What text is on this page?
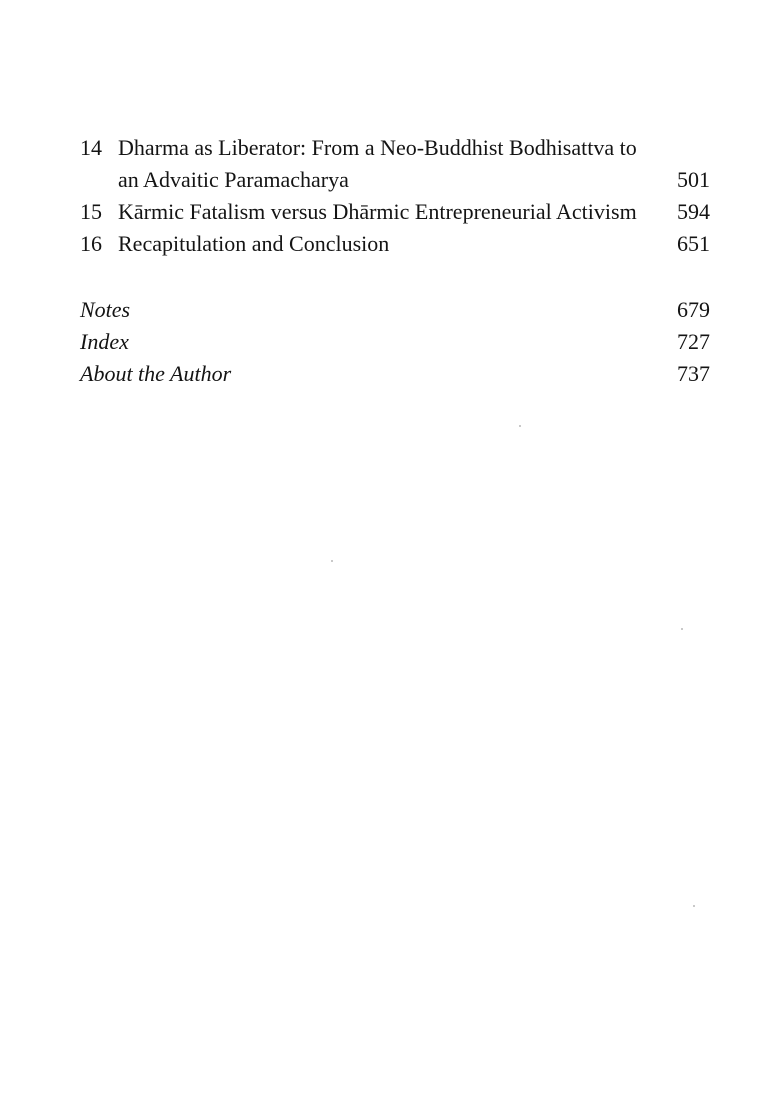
14 Dharma as Liberator: From a Neo-Buddhist Bodhisattva to an Advaitic Paramacharya	501
15 Kārmic Fatalism versus Dhārmic Entrepreneurial Activism 594
16 Recapitulation and Conclusion	651
Notes	679
Index	727
About the Author	737
